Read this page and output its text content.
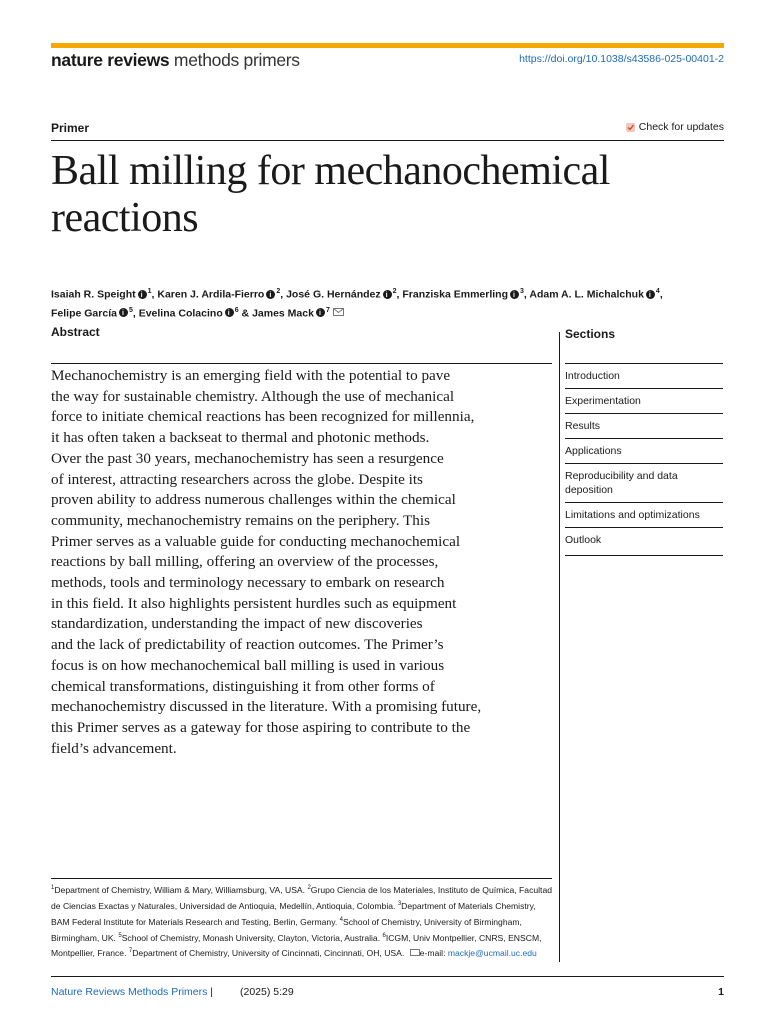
nature reviews methods primers	https://doi.org/10.1038/s43586-025-00401-2
Primer	Check for updates
Ball milling for mechanochemical reactions
Isaiah R. Speight i $^1$, Karen J. Ardila-Fierro i $^2$, José G. Hernández i $^2$, Franziska Emmerling i $^3$, Adam A. L. Michalchuki $^4$,
Felipe García i $^5$, Evelina Colacino i $^6$ & James Mack i $^7$
Abstract
Mechanochemistry is an emerging field with the potential to pave
the way for sustainable chemistry. Although the use of mechanical
force to initiate chemical reactions has been recognized for millennia,
it has often taken a backseat to thermal and photonic methods.
Over the past 30 years, mechanochemistry has seen a resurgence
of interest, attracting researchers across the globe. Despite its
proven ability to address numerous challenges within the chemical
community, mechanochemistry remains on the periphery. This
Primer serves as a valuable guide for conducting mechanochemical
reactions by ball milling, offering an overview of the processes,
methods, tools and terminology necessary to embark on research
in this field. It also highlights persistent hurdles such as equipment
standardization, understanding the impact of new discoveries
and the lack of predictability of reaction outcomes. The Primer’s
focus is on how mechanochemical ball milling is used in various
chemical transformations, distinguishing it from other forms of
mechanochemistry discussed in the literature. With a promising future,
this Primer serves as a gateway for those aspiring to contribute to the
field’s advancement.
Sections
Introduction
Experimentation
Results
Applications
Reproducibility and data deposition
Limitations and optimizations
Outlook
$^1$Department of Chemistry, William & Mary, Williamsburg, VA, USA. $^2$Grupo Ciencia de los Materiales, Instituto de Química, Facultad de Ciencias Exactas y Naturales, Universidad de Antioquia, Medellín, Antioquia, Colombia. $^3$Department of Materials Chemistry, BAM Federal Institute for Materials Research and Testing, Berlin, Germany. $^4$School of Chemistry, University of Birmingham, Birmingham, UK. $^5$School of Chemistry, Monash University, Clayton, Victoria, Australia. $^6$ICGM, Univ Montpellier, CNRS, ENSCM, Montpellier, France. $^7$Department of Chemistry, University of Cincinnati, Cincinnati, OH, USA. e-mail: mackje@ucmail.uc.edu
Nature Reviews Methods Primers |	(2025) 5:29	1
